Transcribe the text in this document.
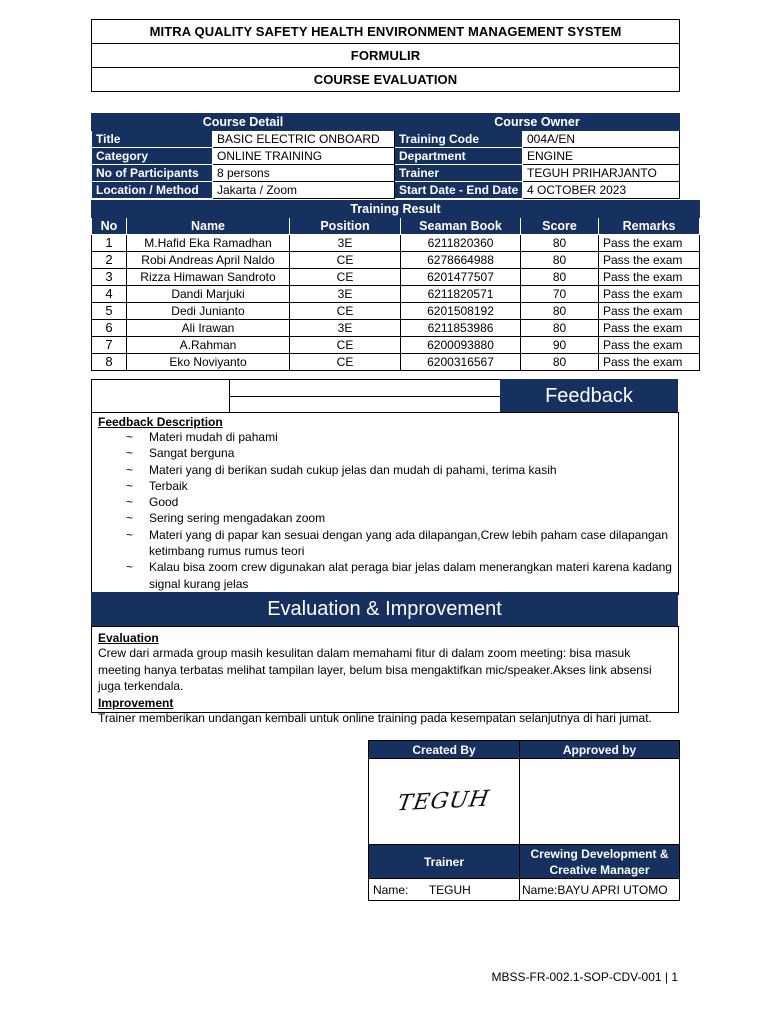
MITRA QUALITY SAFETY HEALTH ENVIRONMENT MANAGEMENT SYSTEM
FORMULIR
COURSE EVALUATION
Course Detail		Course Owner	
Title	BASIC ELECTRIC ONBOARD	Training Code	004A/EN
Category	ONLINE TRAINING	Department	ENGINE
No of Participants	8 persons	Trainer	TEGUH PRIHARJANTO
Location / Method	Jakarta / Zoom	Start Date - End Date	4 OCTOBER 2023
Training Result					
No	Name	Position	Seaman Book	Score	Remarks
1	M.Hafid Eka Ramadhan	3E	6211820360	80	Pass the exam
2	Robi Andreas April Naldo	CE	6278664988	80	Pass the exam
3	Rizza Himawan Sandroto	CE	6201477507	80	Pass the exam
4	Dandi Marjuki	3E	6211820571	70	Pass the exam
5	Dedi Junianto	CE	6201508192	80	Pass the exam
6	Ali Irawan	3E	6211853986	80	Pass the exam
7	A.Rahman	CE	6200093880	90	Pass the exam
8	Eko Noviyanto	CE	6200316567	80	Pass the exam
Feedback
Feedback Description
~ Materi mudah di pahami
~ Sangat berguna
~ Materi yang di berikan sudah cukup jelas dan mudah di pahami, terima kasih
~ Terbaik
~ Good
~ Sering sering mengadakan zoom
~ Materi yang di papar kan sesuai dengan yang ada dilapangan,Crew lebih paham case dilapangan ketimbang rumus rumus teori
~ Kalau bisa zoom crew digunakan alat peraga biar jelas dalam menerangkan materi karena kadang signal kurang jelas
Evaluation & Improvement
Evaluation
Crew dari armada group masih kesulitan dalam memahami fitur di dalam zoom meeting: bisa masuk meeting hanya terbatas melihat tampilan layer, belum bisa mengaktifkan mic/speaker.Akses link absensi juga terkendala.
Improvement
Trainer memberikan undangan kembali untuk online training pada kesempatan selanjutnya di hari jumat.
Created By	Approved by
TEGUH	
Trainer	Crewing Development & Creative Manager
Name: TEGUH	Name:BAYU APRI UTOMO
MBSS-FR-002.1-SOP-CDV-001 | 1
